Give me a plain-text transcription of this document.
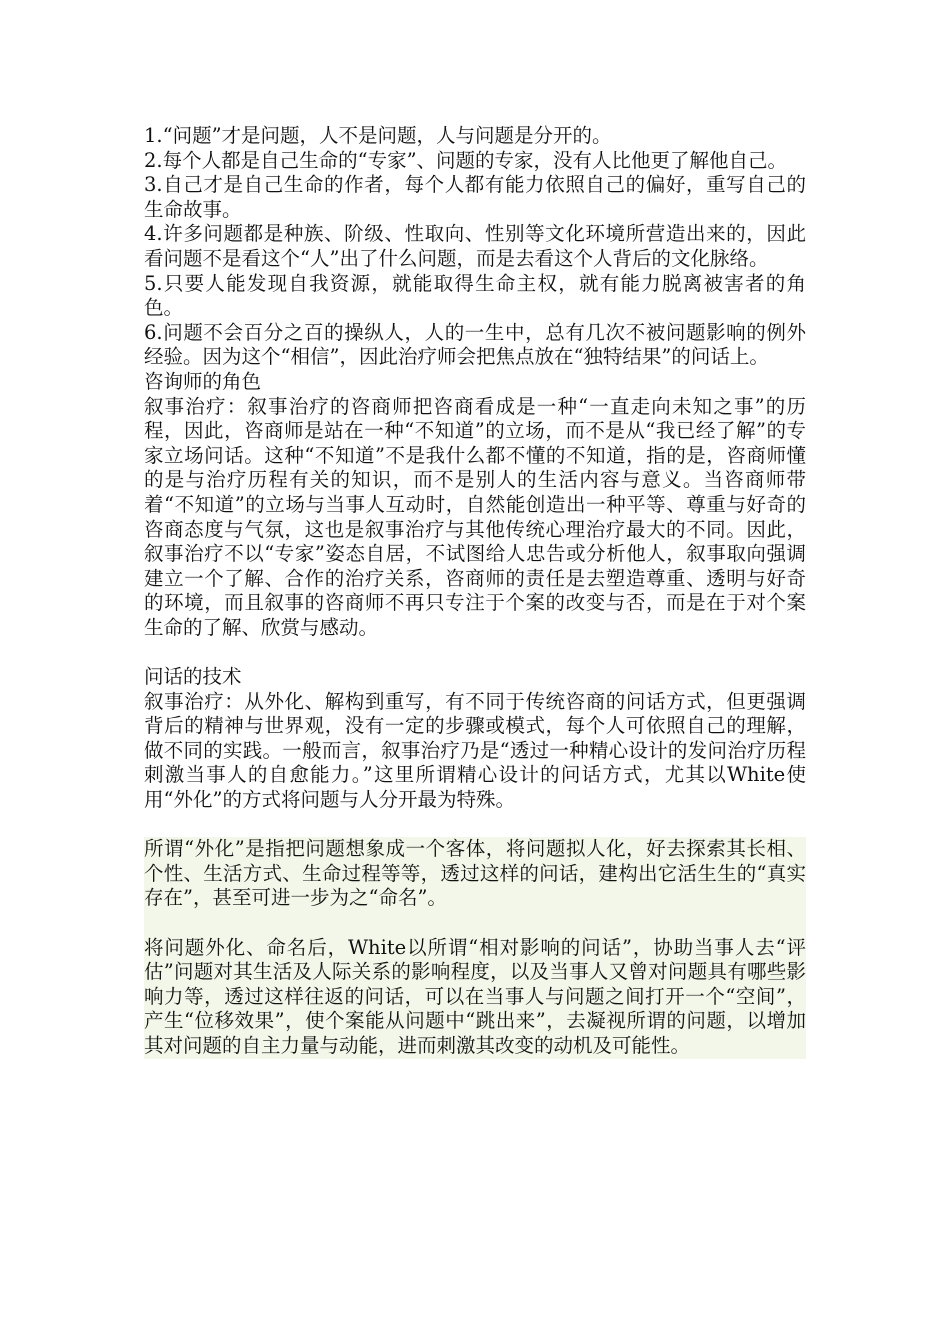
1.“问题”才是问题，人不是问题，人与问题是分开的。

2.每个人都是自己生命的“专家”、问题的专家，没有人比他更了解他自己。

3.自己才是自己生命的作者，每个人都有能力依照自己的偏好，重写自己的生命故事。

4.许多问题都是种族、阶级、性取向、性别等文化环境所营造出来的，因此看问题不是看这个“人”出了什么问题，而是去看这个人背后的文化脉络。

5.只要人能发现自我资源，就能取得生命主权，就有能力脱离被害者的角色。

6.问题不会百分之百的操纵人，人的一生中，总有几次不被问题影响的例外经验。因为这个“相信”，因此治疗师会把焦点放在“独特结果”的问话上。

咨询师的角色

叙事治疗：叙事治疗的咨商师把咨商看成是一种“一直走向未知之事”的历程，因此，咨商师是站在一种“不知道”的立场，而不是从“我已经了解”的专家立场问话。这种“不知道”不是我什么都不懂的不知道，指的是，咨商师懂的是与治疗历程有关的知识，而不是别人的生活内容与意义。当咨商师带着“不知道”的立场与当事人互动时，自然能创造出一种平等、尊重与好奇的咨商态度与气氛，这也是叙事治疗与其他传统心理治疗最大的不同。因此，叙事治疗不以“专家”姿态自居，不试图给人忠告或分析他人，叙事取向强调建立一个了解、合作的治疗关系，咨商师的责任是去塑造尊重、透明与好奇的环境，而且叙事的咨商师不再只专注于个案的改变与否，而是在于对个案生命的了解、欣赏与感动。

问话的技术

叙事治疗：从外化、解构到重写，有不同于传统咨商的问话方式，但更强调背后的精神与世界观，没有一定的步骤或模式，每个人可依照自己的理解，做不同的实践。一般而言，叙事治疗乃是“透过一种精心设计的发问治疗历程刺激当事人的自愈能力。”这里所谓精心设计的问话方式，尤其以White使用“外化”的方式将问题与人分开最为特殊。

所谓“外化”是指把问题想象成一个客体，将问题拟人化，好去探索其长相、个性、生活方式、生命过程等等，透过这样的问话，建构出它活生生的“真实存在”，甚至可进一步为之“命名”。

将问题外化、命名后，White以所谓“相对影响的问话”，协助当事人去“评估”问题对其生活及人际关系的影响程度，以及当事人又曾对问题具有哪些影响力等，透过这样往返的问话，可以在当事人与问题之间打开一个“空间”，产生“位移效果”，使个案能从问题中“跳出来”，去凝视所谓的问题，以增加其对问题的自主力量与动能，进而刺激其改变的动机及可能性。
